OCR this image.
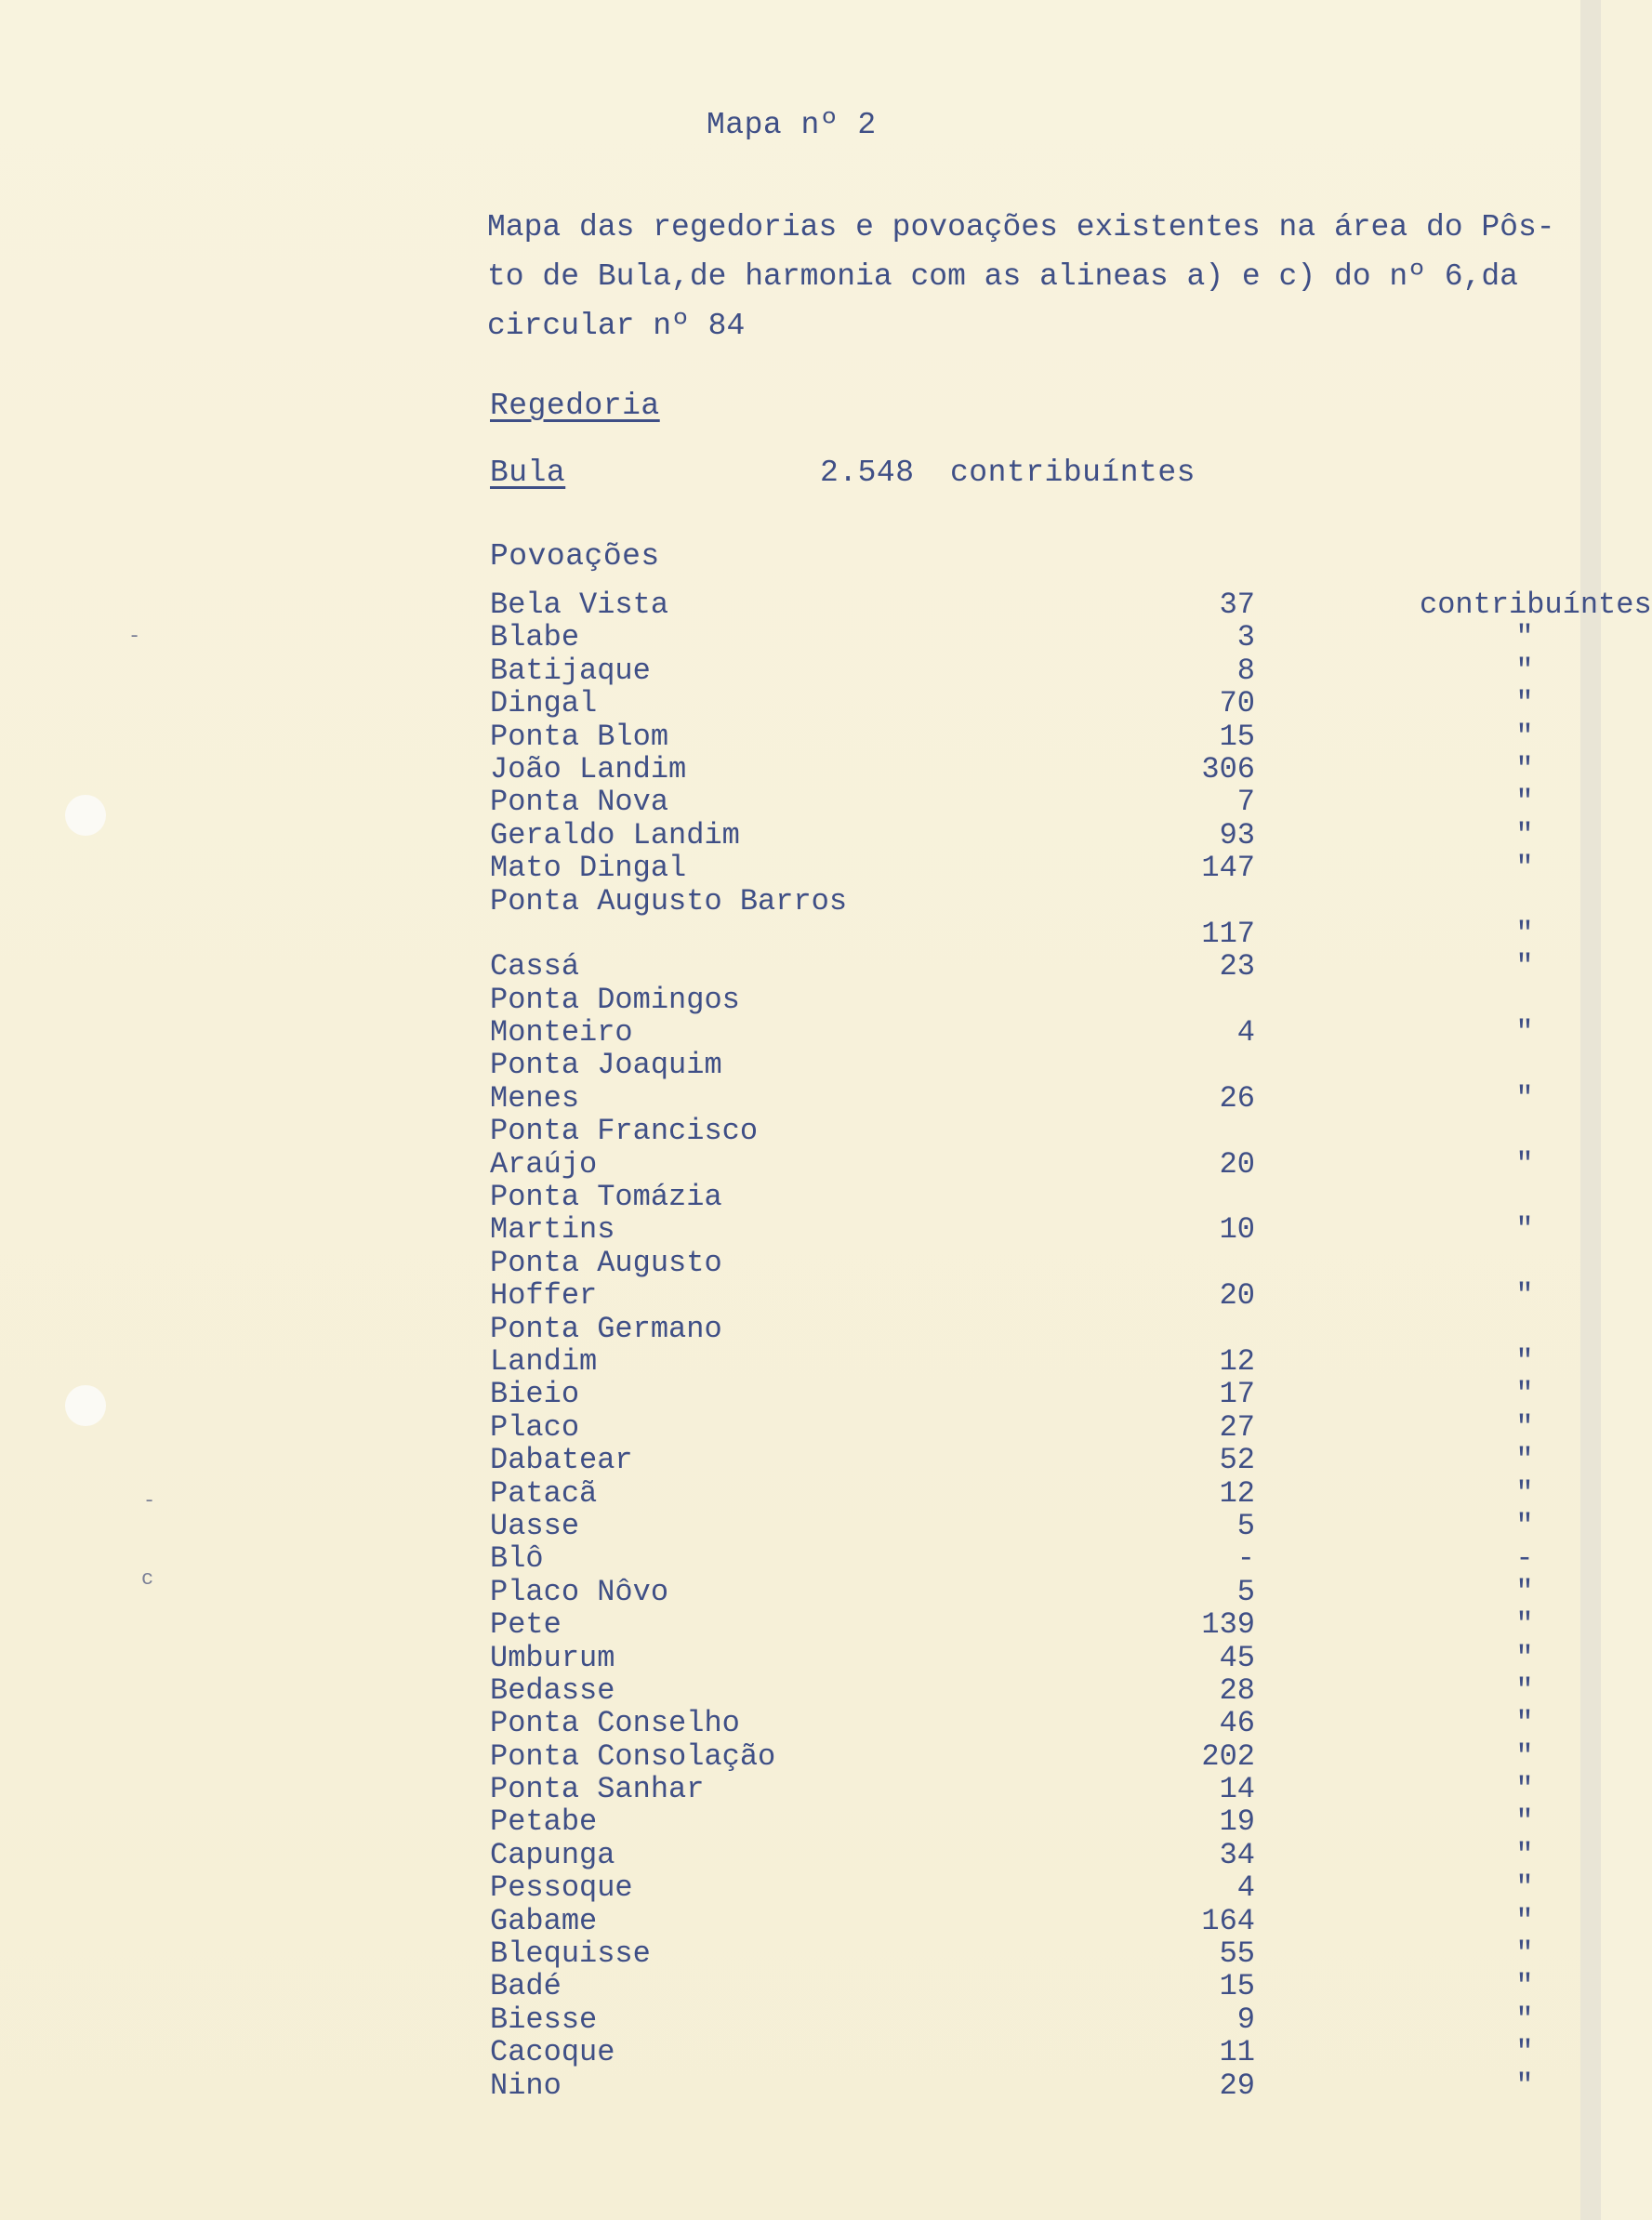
-
-
c
Mapa nº 2
Mapa das regedorias e povoações existentes na área do Pôs-
to de Bula,de harmonia com as alineas a) e c) do nº 6,da
circular nº 84
Regedoria
Bula	2.548 contribuíntes
Povoações
Bela Vista	37	contribuíntes
Blabe	3	"
Batijaque	8	"
Dingal	70	"
Ponta Blom	15	"
João Landim	306	"
Ponta Nova	7	"
Geraldo Landim	93	"
Mato Dingal	147	"
Ponta Augusto Barros
117	"
Cassá	23	"
Ponta Domingos
Monteiro	4	"
Ponta Joaquim
Menes	26	"
Ponta Francisco
Araújo	20	"
Ponta Tomázia
Martins	10	"
Ponta Augusto
Hoffer	20	"
Ponta Germano
Landim	12	"
Bieio	17	"
Placo	27	"
Dabatear	52	"
Patacã	12	"
Uasse	5	"
Blô	-	-
Placo Nôvo	5	"
Pete	139	"
Umburum	45	"
Bedasse	28	"
Ponta Conselho	46	"
Ponta Consolação	202	"
Ponta Sanhar	14	"
Petabe	19	"
Capunga	34	"
Pessoque	4	"
Gabame	164	"
Blequisse	55	"
Badé	15	"
Biesse	9	"
Cacoque	11	"
Nino	29	"
